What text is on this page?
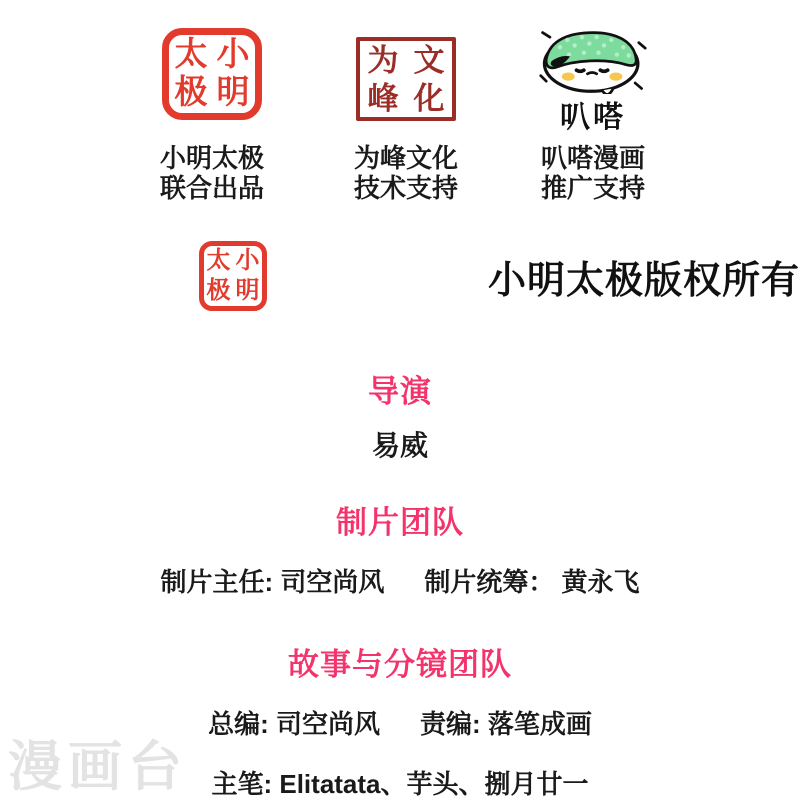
太 小
极 明
小明太极
联合出品
为 文
峰 化
为峰文化
技术支持
叭嗒
叭嗒漫画
推广支持
太 小
极 明	小明太极版权所有
导演
易威
制片团队
制片主任: 司空尚风 制片统筹： 黄永飞
故事与分镜团队
总编: 司空尚风 责编: 落笔成画
主笔: Elitatata、芋头、捌月廿一
漫画台
